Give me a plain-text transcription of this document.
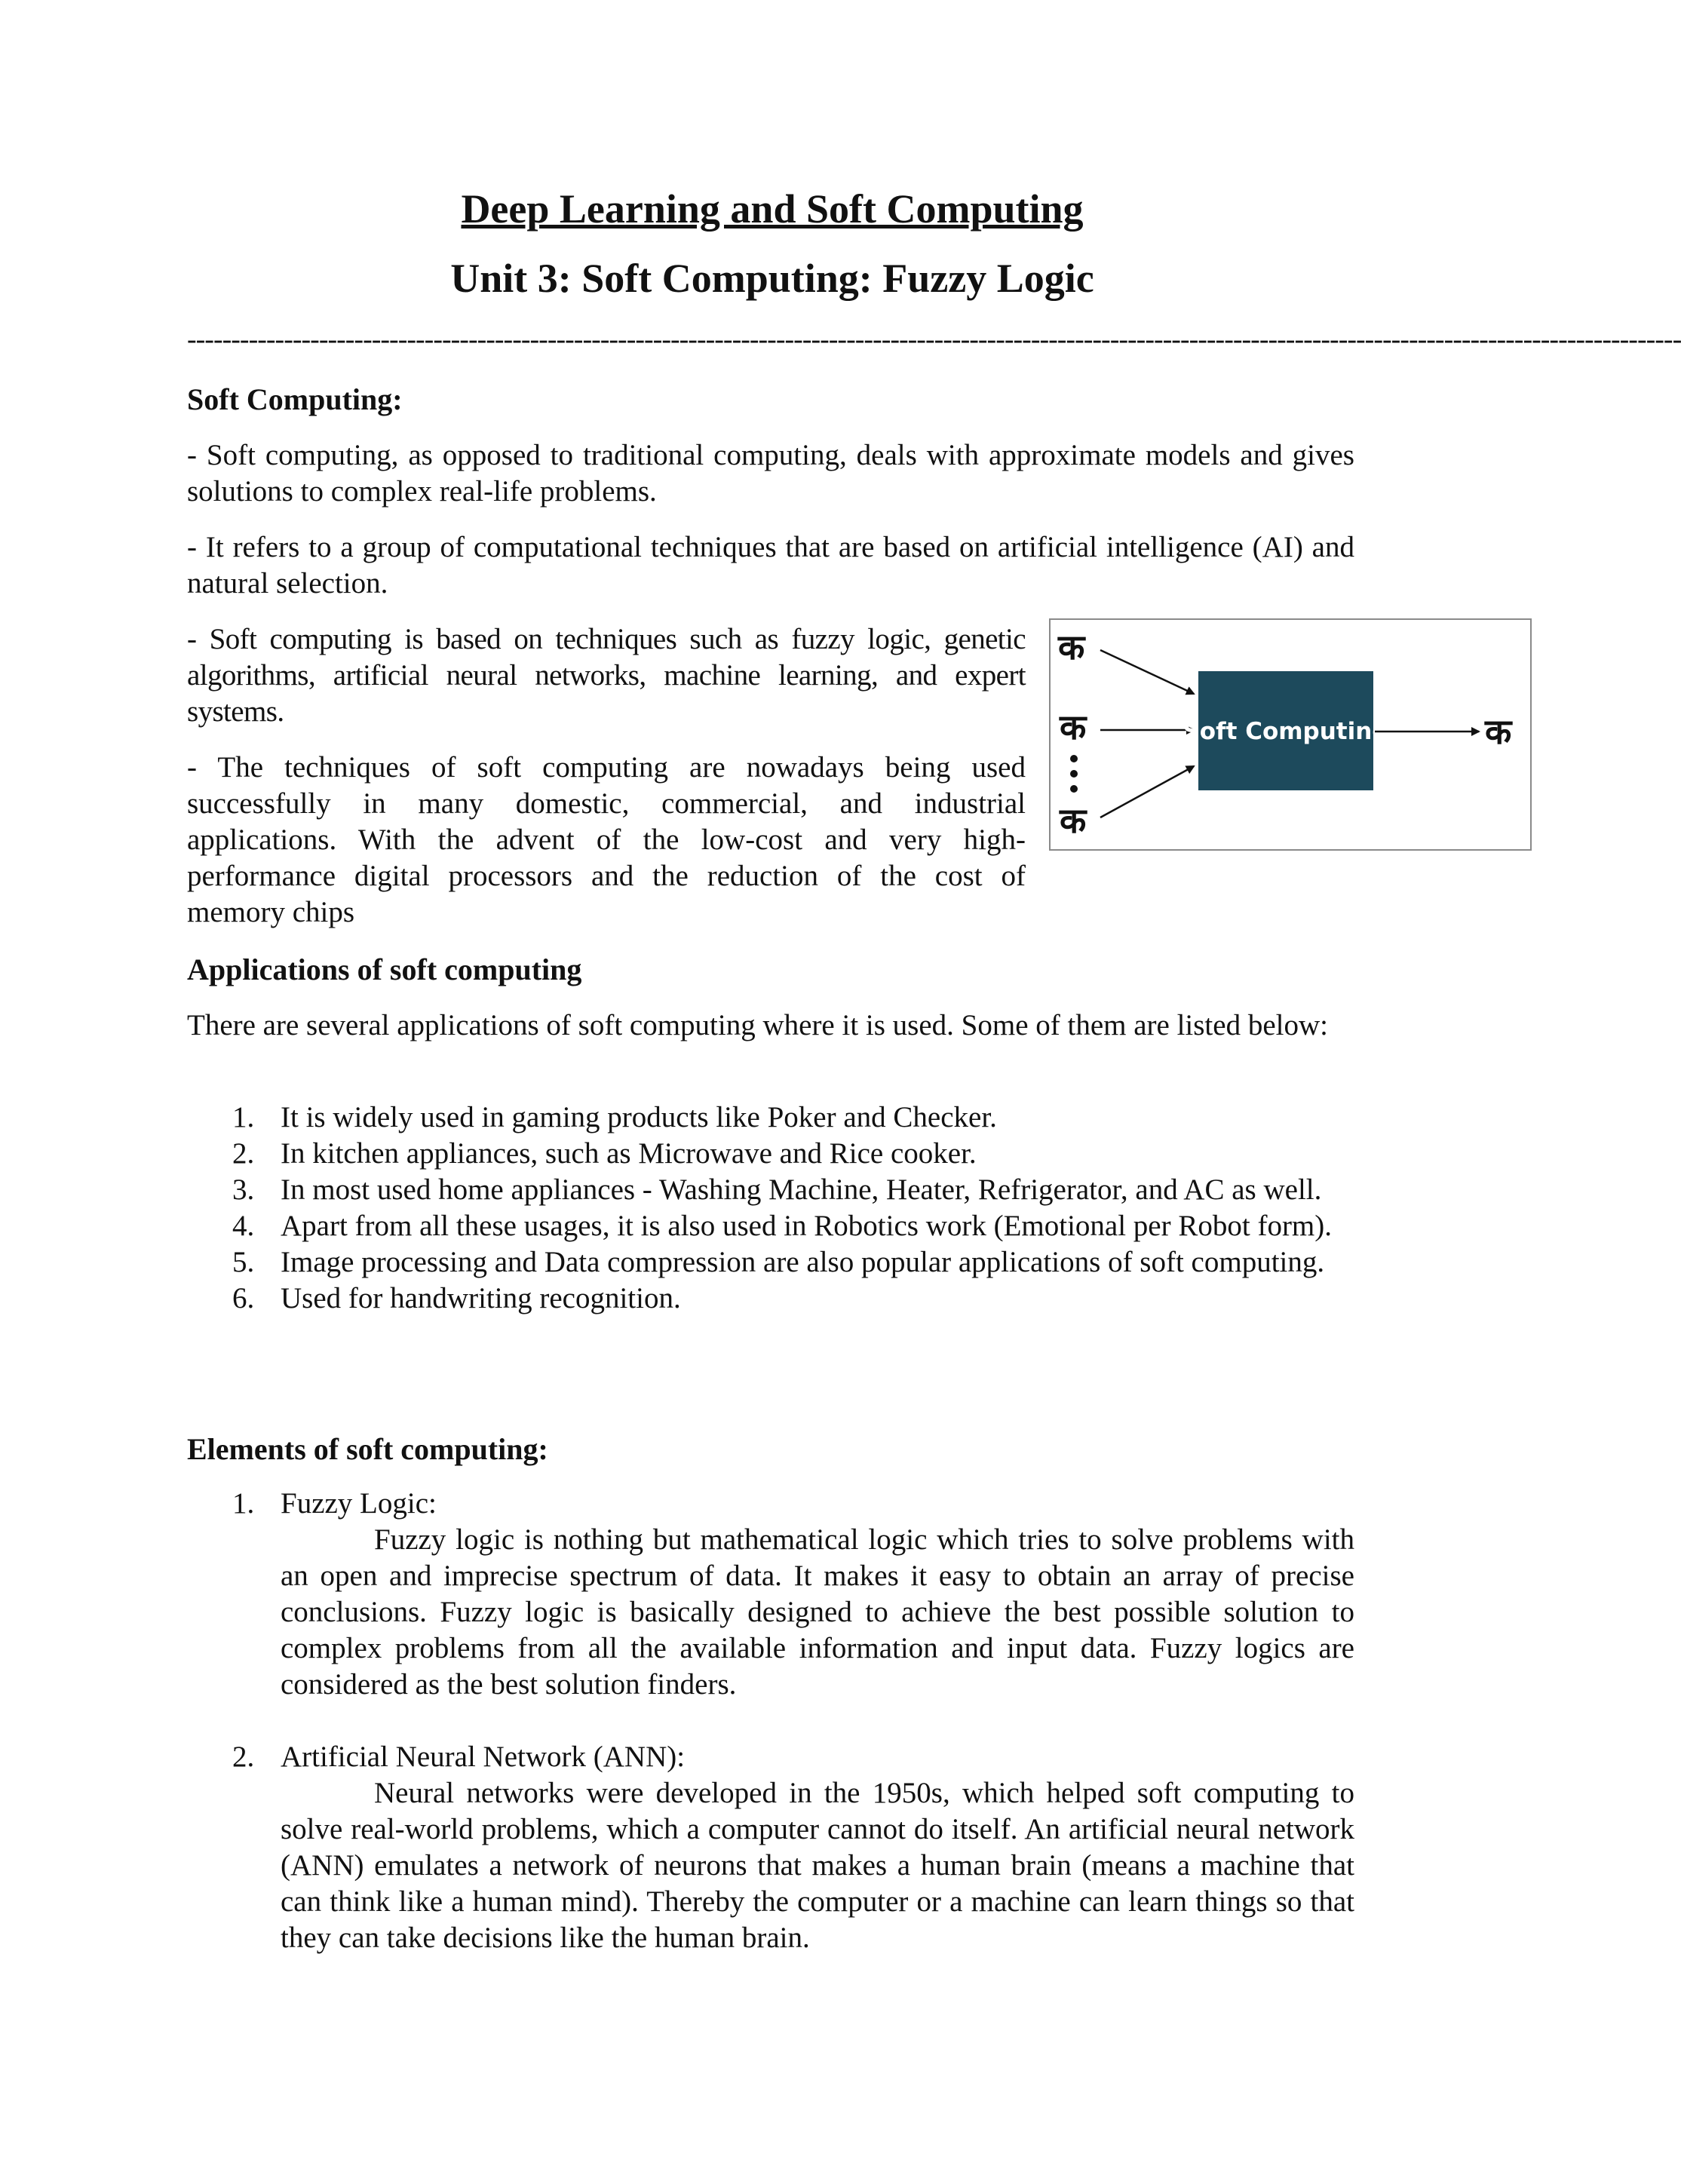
Deep Learning and Soft Computing
Unit 3: Soft Computing: Fuzzy Logic
--------------------------------------------------------------------------------------------------------------------------------------------------------------------------
Soft Computing:

- Soft computing, as opposed to traditional computing, deals with approximate models and gives solutions to complex real-life problems.

- It refers to a group of computational techniques that are based on artificial intelligence (AI) and natural selection.

- Soft computing is based on techniques such as fuzzy logic, genetic algorithms, artificial neural networks, machine learning, and expert systems.

- The techniques of soft computing are nowadays being used successfully in many domestic, commercial, and industrial applications. With the advent of the low-cost and very high-performance digital processors and the reduction of the cost of memory chips

क
क
क
Soft Computing	क
Applications of soft computing

There are several applications of soft computing where it is used. Some of them are listed below:

1. It is widely used in gaming products like Poker and Checker.
2. In kitchen appliances, such as Microwave and Rice cooker.
3. In most used home appliances - Washing Machine, Heater, Refrigerator, and AC as well.
4. Apart from all these usages, it is also used in Robotics work (Emotional per Robot form).
5. Image processing and Data compression are also popular applications of soft computing.
6. Used for handwriting recognition.
Elements of soft computing:
1. Fuzzy Logic:
Fuzzy logic is nothing but mathematical logic which tries to solve problems with an open and imprecise spectrum of data. It makes it easy to obtain an array of precise conclusions. Fuzzy logic is basically designed to achieve the best possible solution to complex problems from all the available information and input data. Fuzzy logics are considered as the best solution finders.
2. Artificial Neural Network (ANN):
Neural networks were developed in the 1950s, which helped soft computing to solve real-world problems, which a computer cannot do itself. An artificial neural network (ANN) emulates a network of neurons that makes a human brain (means a machine that can think like a human mind). Thereby the computer or a machine can learn things so that they can take decisions like the human brain.
